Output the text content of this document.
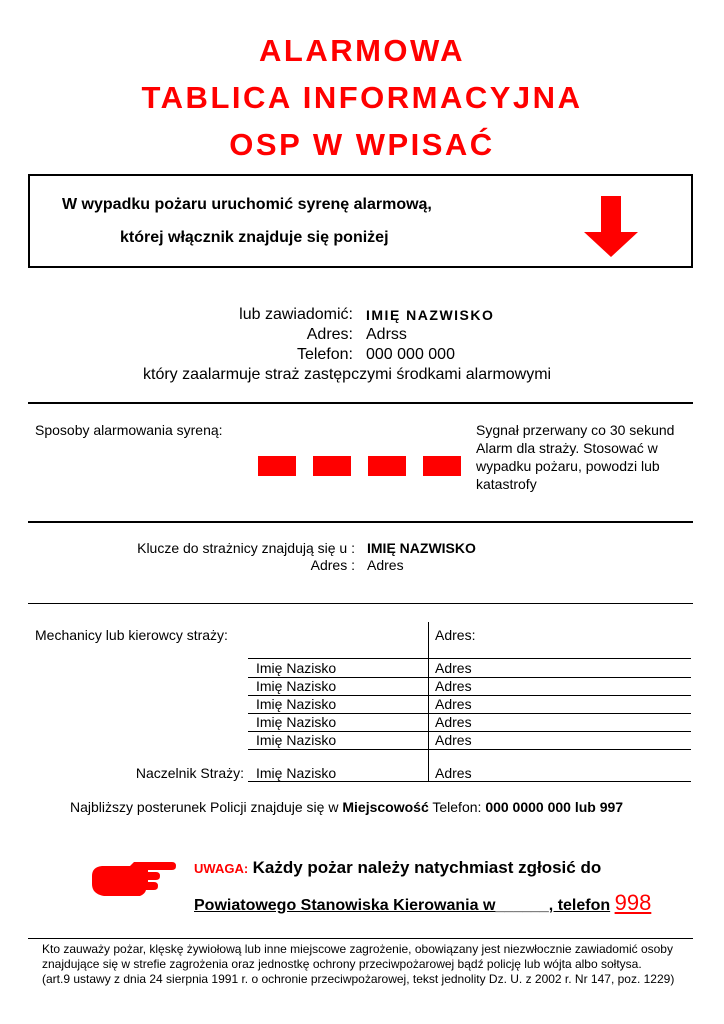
ALARMOWA
TABLICA INFORMACYJNA
OSP W WPISAĆ
W wypadku pożaru uruchomić syrenę alarmową,
której włącznik znajduje się poniżej
lub zawiadomić: IMIĘ NAZWISKO
Adres: Adrss
Telefon: 000 000 000
który zaalarmuje straż zastępczymi środkami alarmowymi
Sposoby alarmowania syreną:	Sygnał przerwany co 30 sekund
Alarm dla straży. Stosować w
wypadku pożaru, powodzi lub
katastrofy
Klucze do strażnicy znajdują się u : IMIĘ NAZWISKO
Adres : Adres
Mechanicy lub kierowcy straży:	Adres:
Imię Nazisko	Adres
Imię Nazisko	Adres
Imię Nazisko	Adres
Imię Nazisko	Adres
Imię Nazisko	Adres
Naczelnik Straży: Imię Nazisko	Adres
Najbliższy posterunek Policji znajduje się w Miejscowość Telefon: 000 0000 000 lub 997
UWAGA: Każdy pożar należy natychmiast zgłosić do
Powiatowego Stanowiska Kierowania w______, telefon 998
Kto zauważy pożar, klęskę żywiołową lub inne miejscowe zagrożenie, obowiązany jest niezwłocznie zawiadomić osoby
znajdujące się w strefie zagrożenia oraz jednostkę ochrony przeciwpożarowej bądź policję lub wójta albo sołtysa.
(art.9 ustawy z dnia 24 sierpnia 1991 r. o ochronie przeciwpożarowej, tekst jednolity Dz. U. z 2002 r. Nr 147, poz. 1229)
